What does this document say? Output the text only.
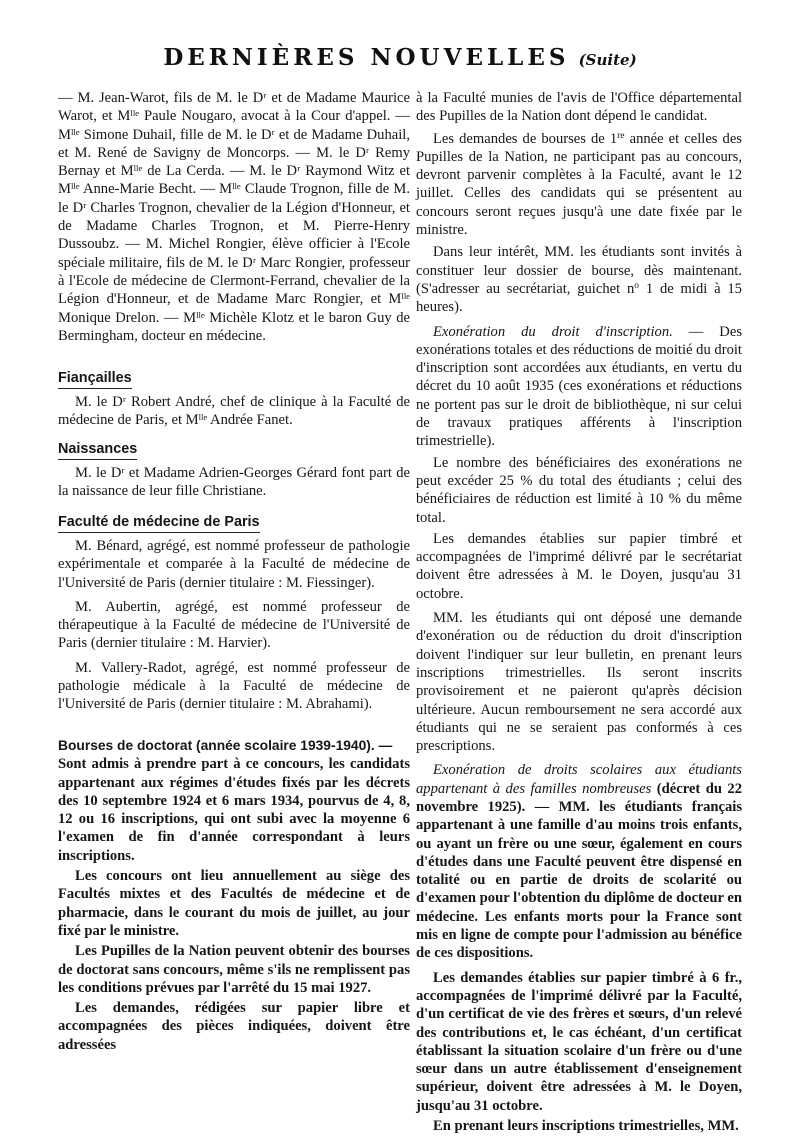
DERNIÈRES NOUVELLES (Suite)

— M. Jean-Warot, fils de M. le Dʳ et de Madame Maurice Warot, et Mˡˡᵉ Paule Nougaro, avocat à la Cour d'appel. — Mˡˡᵉ Simone Duhail, fille de M. le Dʳ et de Madame Duhail, et M. René de Savigny de Moncorps. — M. le Dʳ Remy Bernay et Mˡˡᵉ de La Cerda. — M. le Dʳ Raymond Witz et Mˡˡᵉ Anne-Marie Becht. — Mˡˡᵉ Claude Trognon, fille de M. le Dʳ Charles Trognon, chevalier de la Légion d'Honneur, et de Madame Charles Trognon, et M. Pierre-Henry Dussoubz. — M. Michel Rongier, élève officier à l'Ecole spéciale militaire, fils de M. le Dʳ Marc Rongier, professeur à l'Ecole de médecine de Clermont-Ferrand, chevalier de la Légion d'Honneur, et de Madame Marc Rongier, et Mˡˡᵉ Monique Drelon. — Mˡˡᵉ Michèle Klotz et le baron Guy de Bermingham, docteur en médecine.

Fiançailles

M. le Dʳ Robert André, chef de clinique à la Faculté de médecine de Paris, et Mˡˡᵉ Andrée Fanet.

Naissances

M. le Dʳ et Madame Adrien-Georges Gérard font part de la naissance de leur fille Christiane.

Faculté de médecine de Paris

M. Bénard, agrégé, est nommé professeur de pathologie expérimentale et comparée à la Faculté de médecine de l'Université de Paris (dernier titulaire : M. Fiessinger).

M. Aubertin, agrégé, est nommé professeur de thérapeutique à la Faculté de médecine de l'Université de Paris (dernier titulaire : M. Harvier).

M. Vallery-Radot, agrégé, est nommé professeur de pathologie médicale à la Faculté de médecine de l'Université de Paris (dernier titulaire : M. Abrahami).

Bourses de doctorat (année scolaire 1939-1940). —

Sont admis à prendre part à ce concours, les candidats appartenant aux régimes d'études fixés par les décrets des 10 septembre 1924 et 6 mars 1934, pourvus de 4, 8, 12 ou 16 inscriptions, qui ont subi avec la moyenne 6 l'examen de fin d'année correspondant à leurs inscriptions.

Les concours ont lieu annuellement au siège des Facultés mixtes et des Facultés de médecine et de pharmacie, dans le courant du mois de juillet, au jour fixé par le ministre.

Les Pupilles de la Nation peuvent obtenir des bourses de doctorat sans concours, même s'ils ne remplissent pas les conditions prévues par l'arrêté du 15 mai 1927.

Les demandes, rédigées sur papier libre et accompagnées des pièces indiquées, doivent être adressées

à la Faculté munies de l'avis de l'Office départemental des Pupilles de la Nation dont dépend le candidat.

Les demandes de bourses de 1re année et celles des Pupilles de la Nation, ne participant pas au concours, devront parvenir complètes à la Faculté, avant le 12 juillet. Celles des candidats qui se présentent au concours seront reçues jusqu'à une date fixée par le ministre.

Dans leur intérêt, MM. les étudiants sont invités à constituer leur dossier de bourse, dès maintenant. (S'adresser au secrétariat, guichet $n^o$ 1 de midi à 15 heures).

Exonération du droit d'inscription. — Des exonérations totales et des réductions de moitié du droit d'inscription sont accordées aux étudiants, en vertu du décret du 10 août 1935 (ces exonérations et réductions ne portent pas sur le droit de bibliothèque, ni sur celui de travaux pratiques afférents à l'inscription trimestrielle).

Le nombre des bénéficiaires des exonérations ne peut excéder 25 % du total des étudiants ; celui des bénéficiaires de réduction est limité à 10 % du même total.

Les demandes établies sur papier timbré et accompagnées de l'imprimé délivré par le secrétariat doivent être adressées à M. le Doyen, jusqu'au 31 octobre.

MM. les étudiants qui ont déposé une demande d'exonération ou de réduction du droit d'inscription doivent l'indiquer sur leur bulletin, en prenant leurs inscriptions trimestrielles. Ils seront inscrits provisoirement et ne paieront qu'après décision ultérieure. Aucun remboursement ne sera accordé aux étudiants qui ne se seraient pas conformés à ces prescriptions.

Exonération de droits scolaires aux étudiants appartenant à des familles nombreuses (décret du 22 novembre 1925). — MM. les étudiants français appartenant à une famille d'au moins trois enfants, ou ayant un frère ou une sœur, également en cours d'études dans une Faculté peuvent être dispensé en totalité ou en partie de droits de scolarité ou d'examen pour l'obtention du diplôme de docteur en médecine. Les enfants morts pour la France sont mis en ligne de compte pour l'admission au bénéfice de ces dispositions.

Les demandes établies sur papier timbré à 6 fr., accompagnées de l'imprimé délivré par la Faculté, d'un certificat de vie des frères et sœurs, d'un relevé des contributions et, le cas échéant, d'un certificat établissant la situation scolaire d'un frère ou d'une sœur dans un autre établissement d'enseignement supérieur, doivent être adressées à M. le Doyen, jusqu'au 31 octobre.

En prenant leurs inscriptions trimestrielles, MM.
